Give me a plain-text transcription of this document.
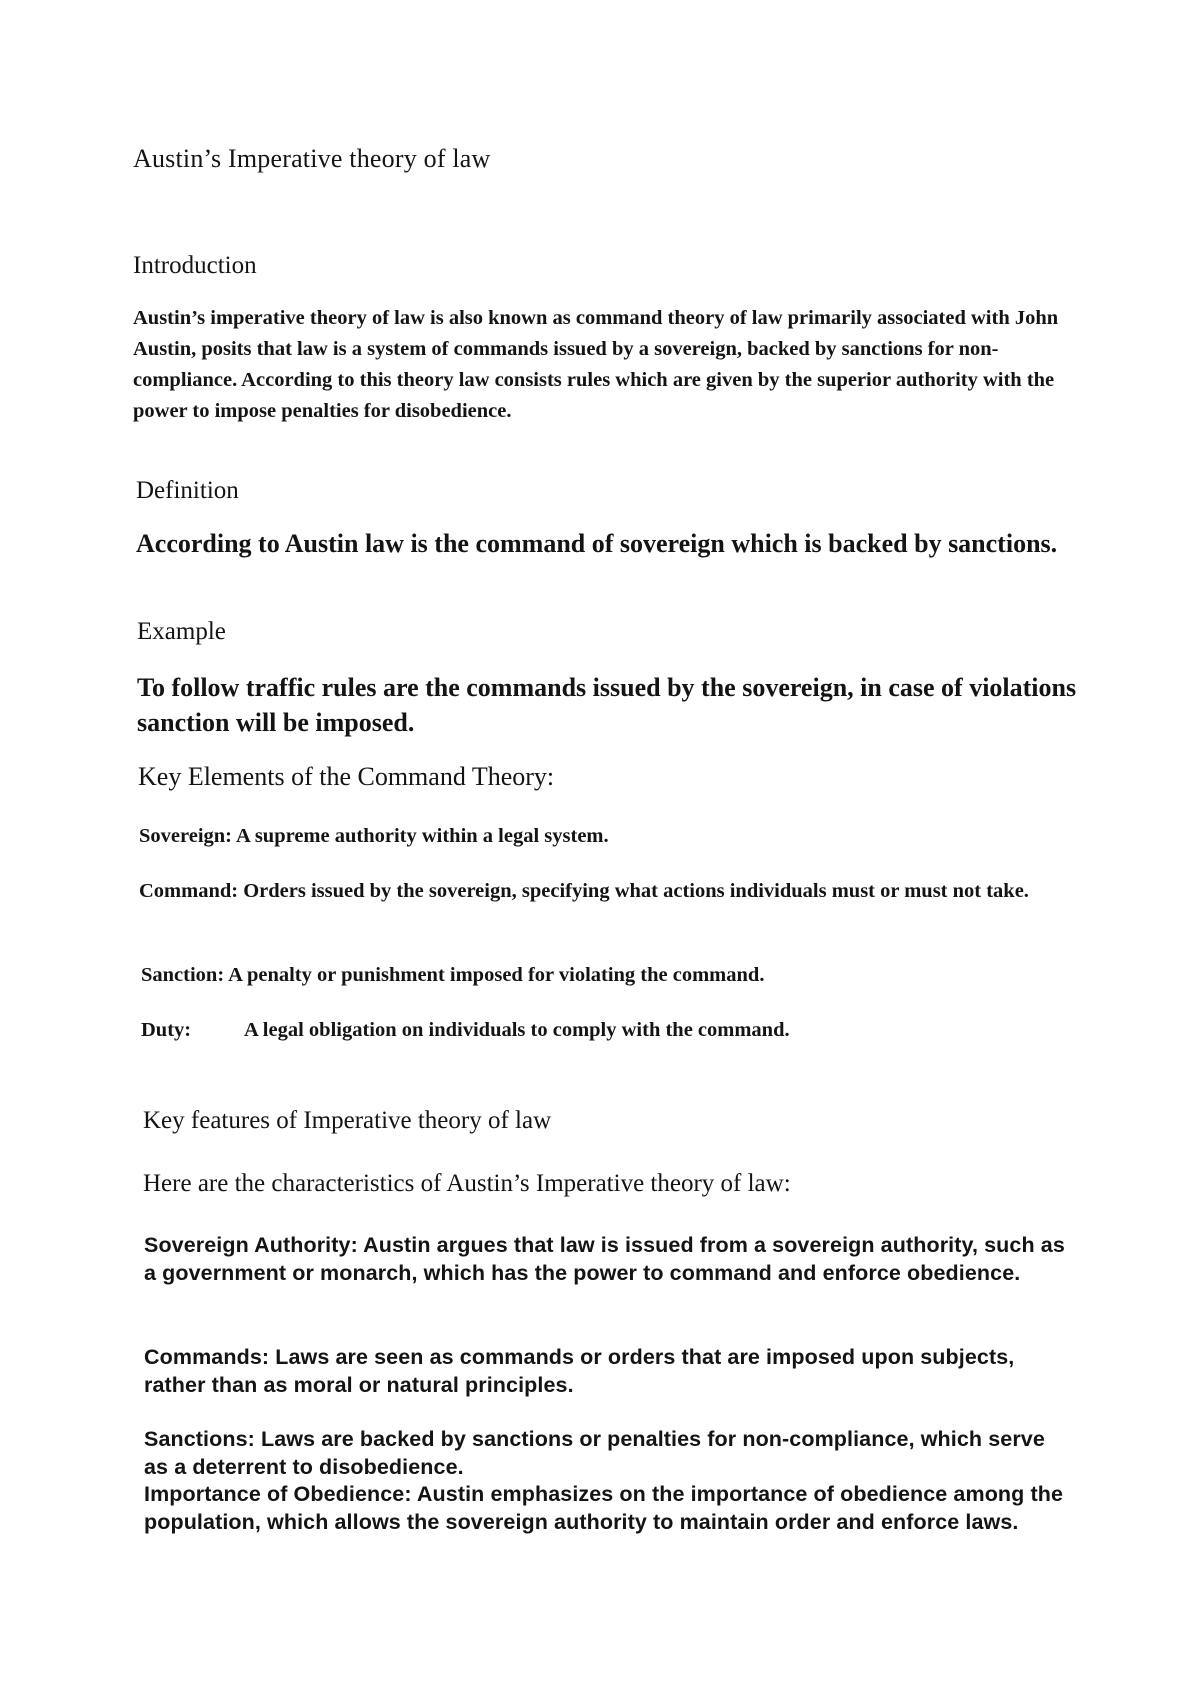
Austin’s Imperative theory of law
Introduction

Austin’s imperative theory of law is also known as command theory of law primarily associated with John Austin, posits that law is a system of commands issued by a sovereign, backed by sanctions for non-compliance. According to this theory law consists rules which are given by the superior authority with the power to impose penalties for disobedience.

Definition

According to Austin law is the command of sovereign which is backed by sanctions.

Example

To follow traffic rules are the commands issued by the sovereign, in case of violations sanction will be imposed.

Key Elements of the Command Theory:

Sovereign: A supreme authority within a legal system.

Command: Orders issued by the sovereign, specifying what actions individuals must or must not take.

Sanction: A penalty or punishment imposed for violating the command.

Duty:	A legal obligation on individuals to comply with the command.

Key features of Imperative theory of law

Here are the characteristics of Austin’s Imperative theory of law:

Sovereign Authority: Austin argues that law is issued from a sovereign authority, such as a government or monarch, which has the power to command and enforce obedience.

Commands: Laws are seen as commands or orders that are imposed upon subjects, rather than as moral or natural principles.

Sanctions: Laws are backed by sanctions or penalties for non-compliance, which serve as a deterrent to disobedience.
Importance of Obedience: Austin emphasizes on the importance of obedience among the population, which allows the sovereign authority to maintain order and enforce laws.
